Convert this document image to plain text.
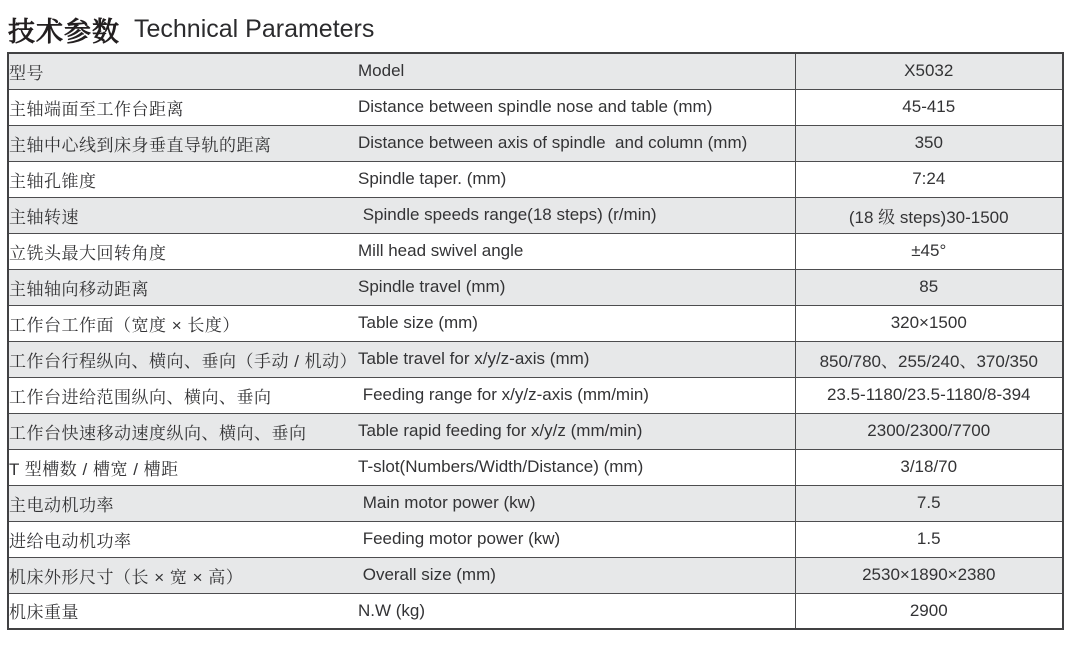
技术参数 Technical Parameters
型号	Model	X5032
主轴端面至工作台距离	Distance between spindle nose and table (mm)	45-415
主轴中心线到床身垂直导轨的距离	Distance between axis of spindle  and column (mm)	350
主轴孔锥度	Spindle taper. (mm)	7:24
主轴转速	Spindle speeds range(18 steps) (r/min)	(18 级 steps)30-1500
立铣头最大回转角度	Mill head swivel angle	±45°
主轴轴向移动距离	Spindle travel (mm)	85
工作台工作面（宽度 × 长度）	Table size (mm)	320×1500
工作台行程纵向、横向、垂向（手动 / 机动）	Table travel for x/y/z-axis (mm)	850/780、255/240、370/350
工作台进给范围纵向、横向、垂向	Feeding range for x/y/z-axis (mm/min)	23.5-1180/23.5-1180/8-394
工作台快速移动速度纵向、横向、垂向	Table rapid feeding for x/y/z (mm/min)	2300/2300/7700
T 型槽数 / 槽宽 / 槽距	T-slot(Numbers/Width/Distance) (mm)	3/18/70
主电动机功率	Main motor power (kw)	7.5
进给电动机功率	Feeding motor power (kw)	1.5
机床外形尺寸（长 × 宽 × 高）	Overall size (mm)	2530×1890×2380
机床重量	N.W (kg)	2900
